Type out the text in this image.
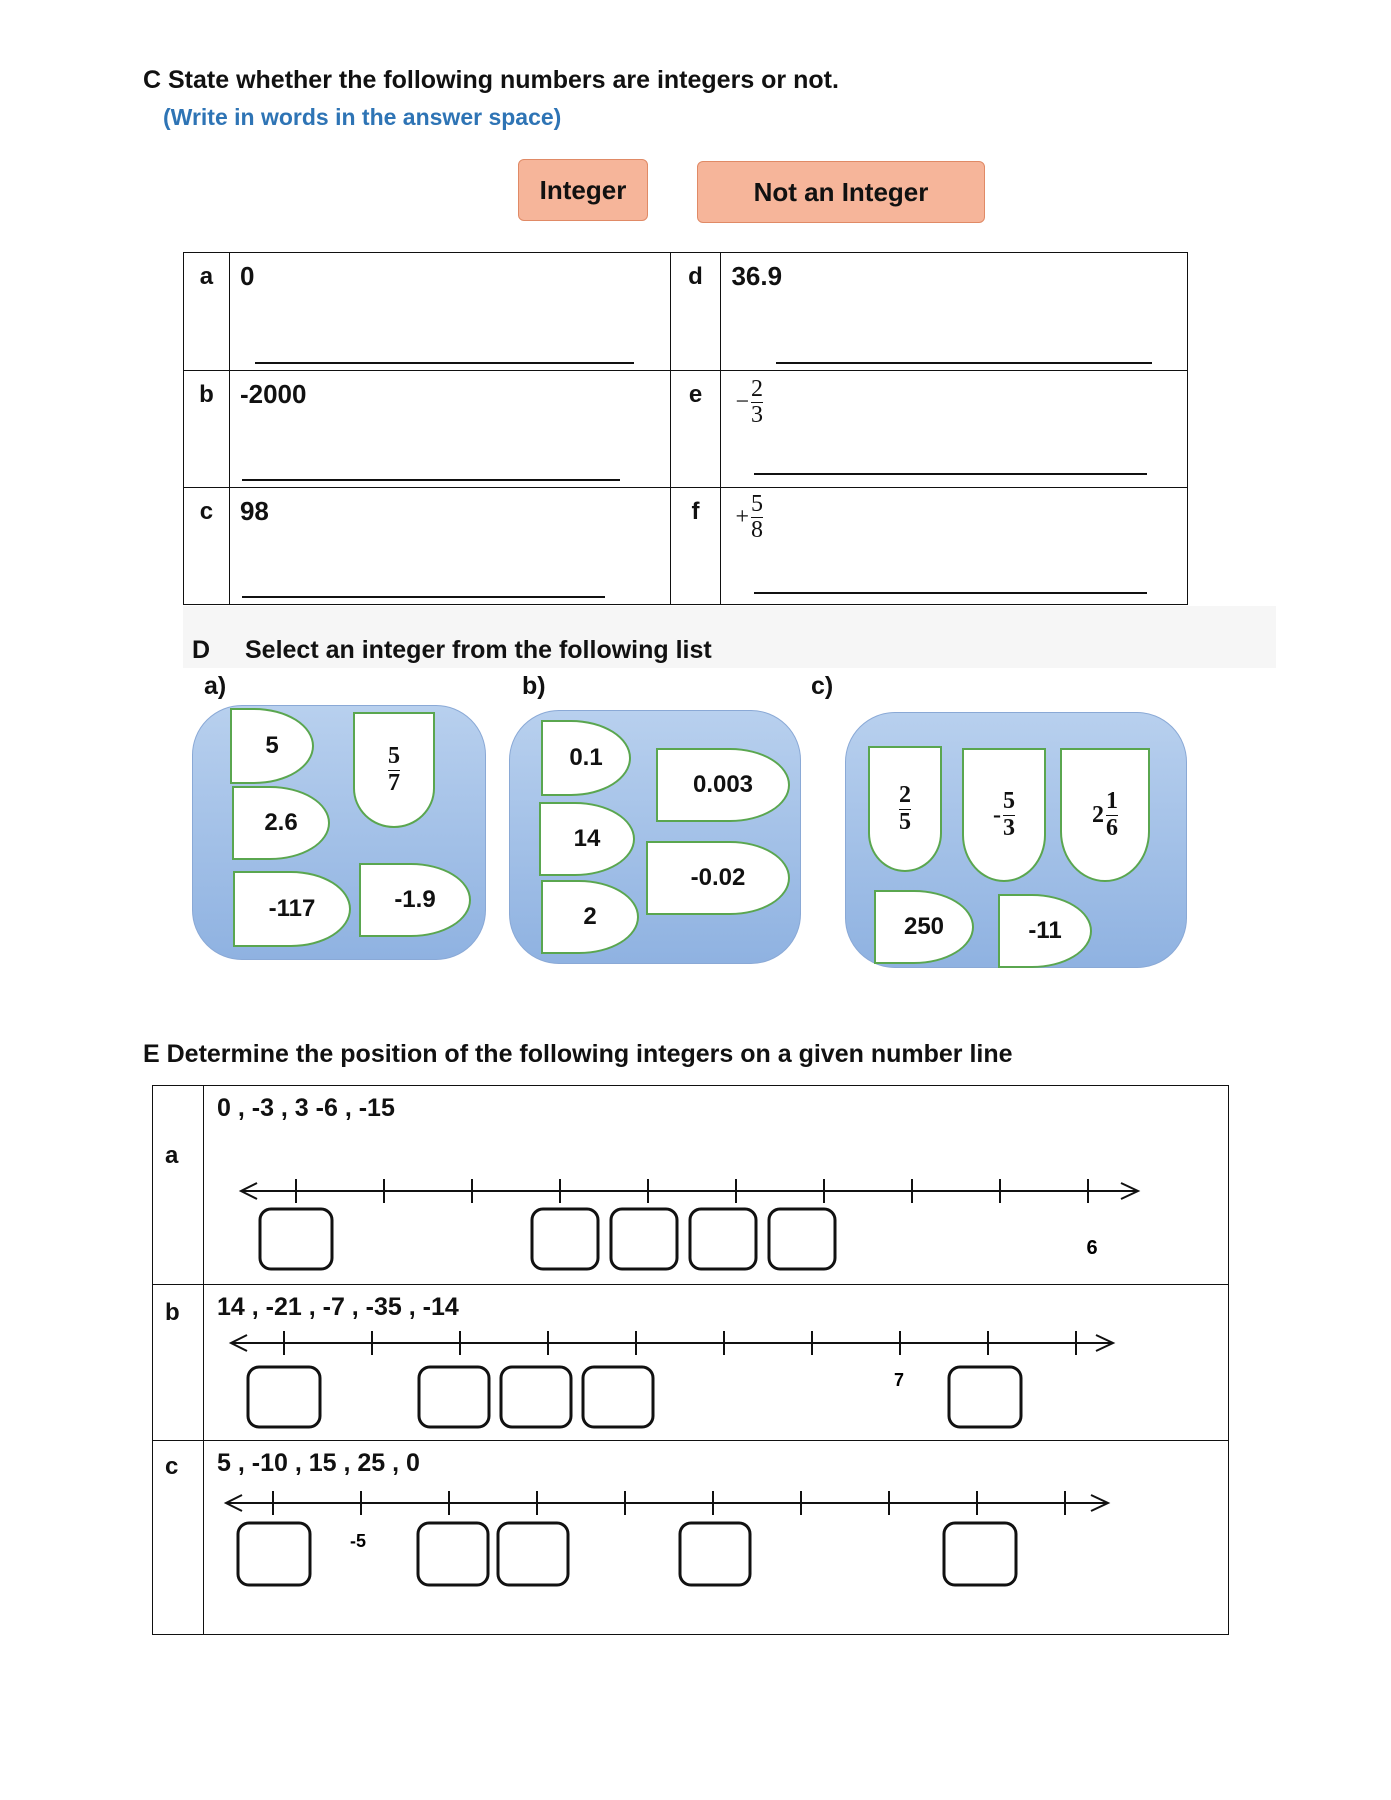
C State whether the following numbers are integers or not.
(Write in words in the answer space)
Integer	Not an Integer
a	0	d	36.9

b	-2000	e	$-\frac{2}{3}$

c	98	f	$+\frac{5}{8}$
D Select an integer from the following list
a)	b)	c)
5	$\frac{5}{7}$
2.6
-117	-1.9
0.1
0.003
14
-0.02
2
$\frac{2}{5}$	- $\frac{5}{3}$	$2 \frac{1}{6}$
250	-11
E Determine the position of the following integers on a given number line
a
0 , -3 , 3 -6 , -15
6
b 14 , -21 , -7 , -35 , -14
7
c 5 , -10 , 15 , 25 , 0
-5
